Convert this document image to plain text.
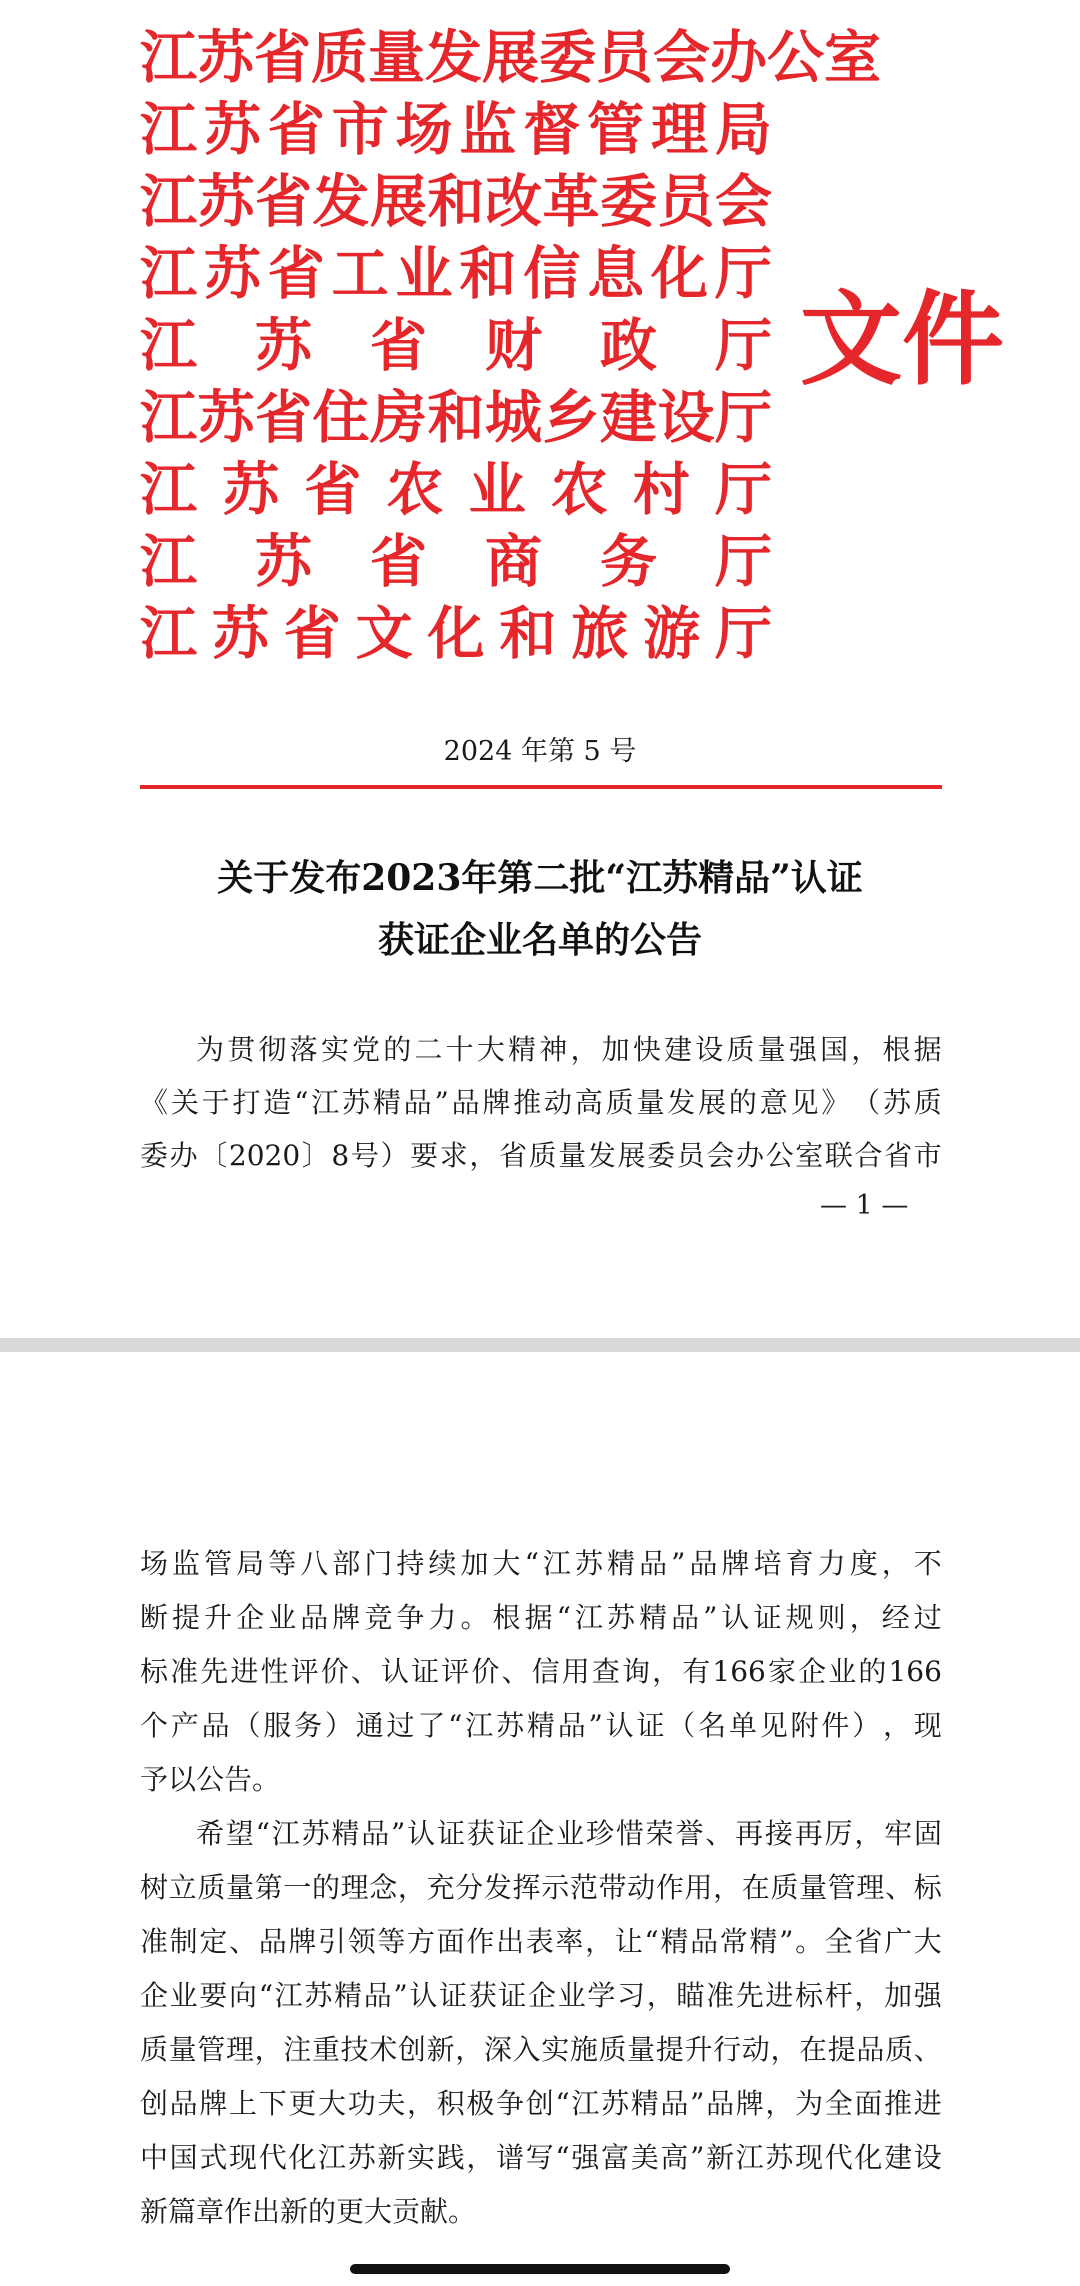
江 苏 省 质 量 发 展 委 员 会 办 公 室
江 苏 省 市 场 监 督 管 理 局
江 苏 省 发 展 和 改 革 委 员 会
江 苏 省 工 业 和 信 息 化 厅
江 苏 省 财 政 厅
江 苏 省 住 房 和 城 乡 建 设 厅
江 苏 省 农 业 农 村 厅
江 苏 省 商 务 厅
江 苏 省 文 化 和 旅 游 厅
文件
2024 年第 5 号
关于发布2023年第二批“江苏精品”认证
获证企业名单的公告
为 贯 彻 落 实 党 的 二 十 大 精 神 ， 加 快 建 设 质 量 强 国 ， 根 据
《 关 于 打 造 “ 江 苏 精 品 ” 品 牌 推 动 高 质 量 发 展 的 意 见 》 （ 苏 质
委 办 〔 2020 〕 8 号 ） 要 求 ， 省 质 量 发 展 委 员 会 办 公 室 联 合 省 市
— 1 —
场 监 管 局 等 八 部 门 持 续 加 大 “ 江 苏 精 品 ” 品 牌 培 育 力 度 ， 不
断 提 升 企 业 品 牌 竞 争 力 。 根 据 “ 江 苏 精 品 ” 认 证 规 则 ， 经 过
标 准 先 进 性 评 价 、 认 证 评 价 、 信 用 查 询 ， 有 166 家 企 业 的 166
个 产 品 （ 服 务 ） 通 过 了 “ 江 苏 精 品 ” 认 证 （ 名 单 见 附 件 ） ， 现
予以公告。
希 望 “ 江 苏 精 品 ” 认 证 获 证 企 业 珍 惜 荣 誉 、 再 接 再 厉 ， 牢 固
树 立 质 量 第 一 的 理 念 ， 充 分 发 挥 示 范 带 动 作 用 ， 在 质 量 管 理 、 标
准 制 定 、 品 牌 引 领 等 方 面 作 出 表 率 ， 让 “ 精 品 常 精 ” 。 全 省 广 大
企 业 要 向 “ 江 苏 精 品 ” 认 证 获 证 企 业 学 习 ， 瞄 准 先 进 标 杆 ， 加 强
质 量 管 理 ， 注 重 技 术 创 新 ， 深 入 实 施 质 量 提 升 行 动 ， 在 提 品 质 、
创 品 牌 上 下 更 大 功 夫 ， 积 极 争 创 “ 江 苏 精 品 ” 品 牌 ， 为 全 面 推 进
中 国 式 现 代 化 江 苏 新 实 践 ， 谱 写 “ 强 富 美 高 ” 新 江 苏 现 代 化 建 设
新篇章作出新的更大贡献。
